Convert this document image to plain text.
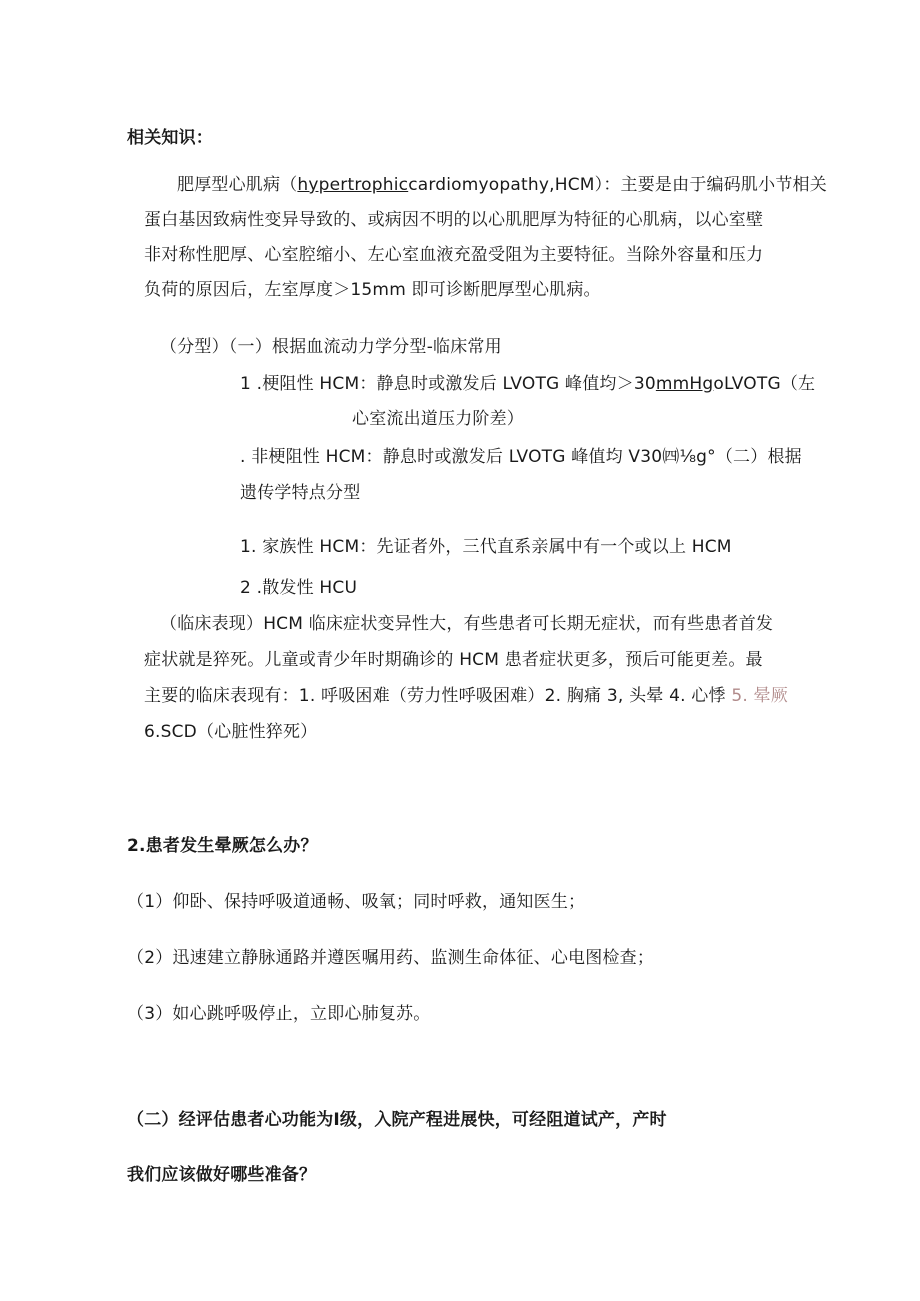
相关知识：
肥厚型心肌病（hypertrophiccardiomyopathy,HCM）：主要是由于编码肌小节相关
蛋白基因致病性变异导致的、或病因不明的以心肌肥厚为特征的心肌病，以心室壁
非对称性肥厚、心室腔缩小、左心室血液充盈受阻为主要特征。当除外容量和压力
负荷的原因后，左室厚度＞15mm 即可诊断肥厚型心肌病。
（分型）（一）根据血流动力学分型-临床常用
1 .梗阻性 HCM：静息时或激发后 LVOTG 峰值均＞30mmHgoLVOTG（左
心室流出道压力阶差）
. 非梗阻性 HCM：静息时或激发后 LVOTG 峰值均 V30㈣⅛g°（二）根据
遗传学特点分型
1. 家族性 HCM：先证者外，三代直系亲属中有一个或以上 HCM
2 .散发性 HCU
（临床表现）HCM 临床症状变异性大，有些患者可长期无症状，而有些患者首发
症状就是猝死。儿童或青少年时期确诊的 HCM 患者症状更多，预后可能更差。最
主要的临床表现有：1. 呼吸困难（劳力性呼吸困难）2. 胸痛 3, 头晕 4. 心悸 5. 晕厥
6.SCD（心脏性猝死）
2.患者发生晕厥怎么办？
（1）仰卧、保持呼吸道通畅、吸氧；同时呼救，通知医生；
（2）迅速建立静脉通路并遵医嘱用药、监测生命体征、心电图检查；
（3）如心跳呼吸停止，立即心肺复苏。
（二）经评估患者心功能为Ⅰ级，入院产程进展快，可经阻道试产，产时
我们应该做好哪些准备？
